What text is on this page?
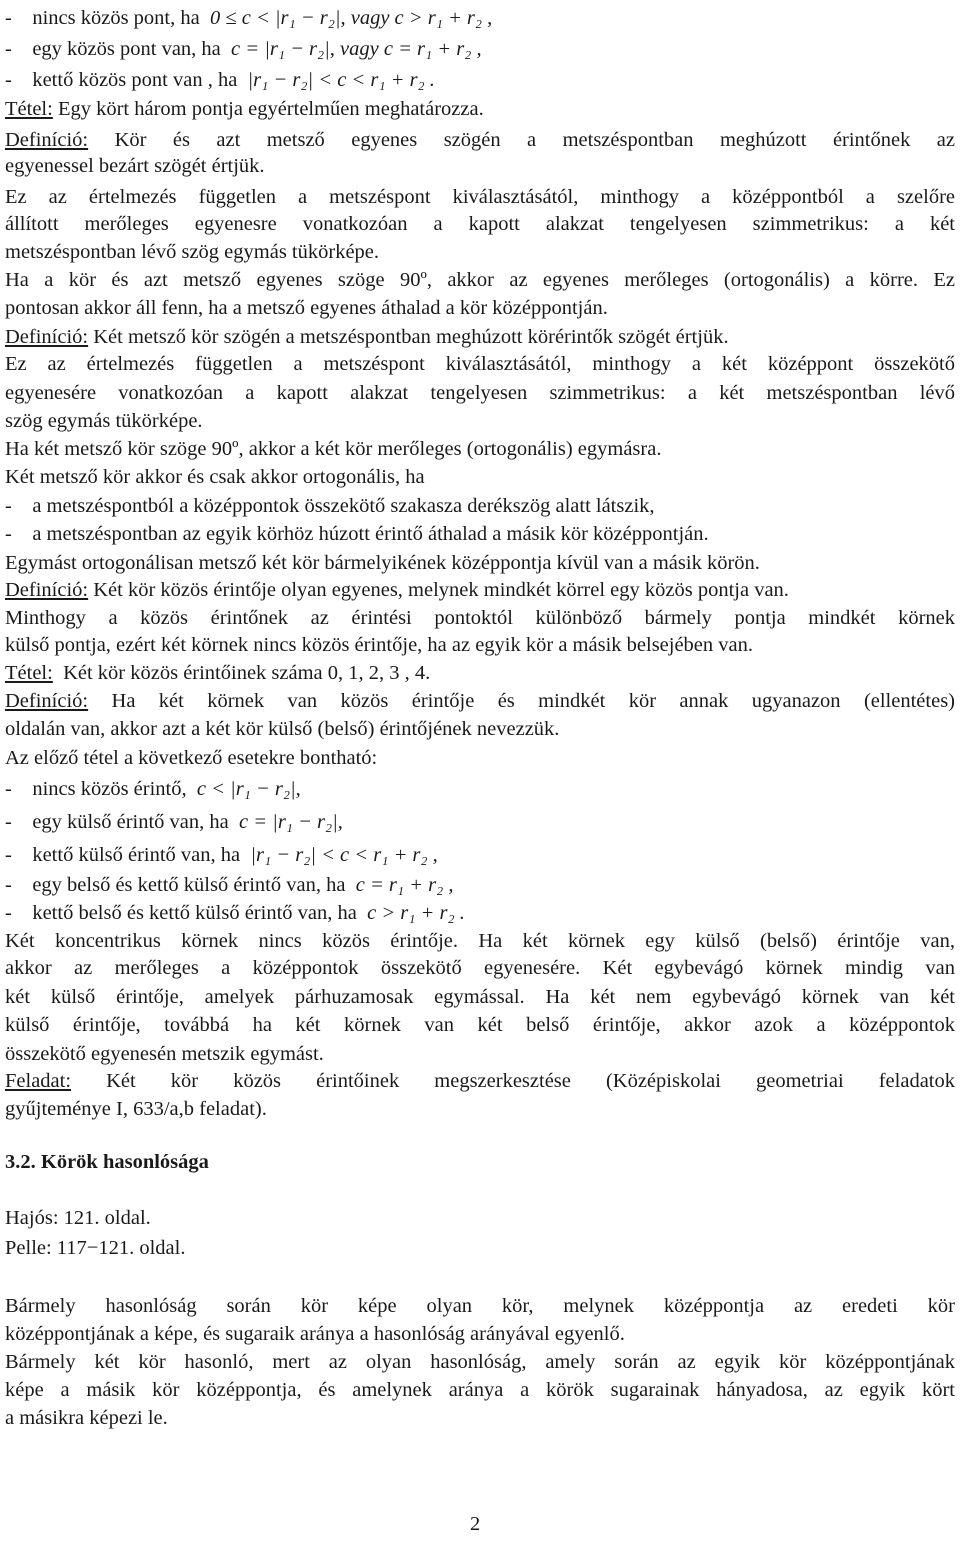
- nincs közös pont, ha 0 ≤ c < |r₁ − r₂|, vagy c > r₁ + r₂ ,
- egy közös pont van, ha c = |r₁ − r₂|, vagy c = r₁ + r₂ ,
- kettő közös pont van , ha |r₁ − r₂| < c < r₁ + r₂ .
Tétel: Egy kört három pontja egyértelműen meghatározza.
Definíció: Kör és azt metsző egyenes szögén a metszéspontban meghúzott érintőnek az
egyenessel bezárt szögét értjük.
Ez az értelmezés független a metszéspont kiválasztásától, minthogy a középpontból a szelőre
állított merőleges egyenesre vonatkozóan a kapott alakzat tengelyesen szimmetrikus: a két
metszéspontban lévő szög egymás tükörképe.
Ha a kör és azt metsző egyenes szöge 90º, akkor az egyenes merőleges (ortogonális) a körre. Ez
pontosan akkor áll fenn, ha a metsző egyenes áthalad a kör középpontján.
Definíció: Két metsző kör szögén a metszéspontban meghúzott körérintők szögét értjük.
Ez az értelmezés független a metszéspont kiválasztásától, minthogy a két középpont összekötő
egyenesére vonatkozóan a kapott alakzat tengelyesen szimmetrikus: a két metszéspontban lévő
szög egymás tükörképe.
Ha két metsző kör szöge 90º, akkor a két kör merőleges (ortogonális) egymásra.
Két metsző kör akkor és csak akkor ortogonális, ha
- a metszéspontból a középpontok összekötő szakasza derékszög alatt látszik,
- a metszéspontban az egyik körhöz húzott érintő áthalad a másik kör középpontján.
Egymást ortogonálisan metsző két kör bármelyikének középpontja kívül van a másik körön.
Definíció: Két kör közös érintője olyan egyenes, melynek mindkét körrel egy közös pontja van.
Minthogy a közös érintőnek az érintési pontoktól különböző bármely pontja mindkét körnek
külső pontja, ezért két körnek nincs közös érintője, ha az egyik kör a másik belsejében van.
Tétel: Két kör közös érintőinek száma 0, 1, 2, 3 , 4.
Definíció: Ha két körnek van közös érintője és mindkét kör annak ugyanazon (ellentétes)
oldalán van, akkor azt a két kör külső (belső) érintőjének nevezzük.
Az előző tétel a következő esetekre bontható:
- nincs közös érintő, c < |r₁ − r₂|,
- egy külső érintő van, ha c = |r₁ − r₂|,
- kettő külső érintő van, ha |r₁ − r₂| < c < r₁ + r₂ ,
- egy belső és kettő külső érintő van, ha c = r₁ + r₂ ,
- kettő belső és kettő külső érintő van, ha c > r₁ + r₂ .
Két koncentrikus körnek nincs közös érintője. Ha két körnek egy külső (belső) érintője van,
akkor az merőleges a középpontok összekötő egyenesére. Két egybevágó körnek mindig van
két külső érintője, amelyek párhuzamosak egymással. Ha két nem egybevágó körnek van két
külső érintője, továbbá ha két körnek van két belső érintője, akkor azok a középpontok
összekötő egyenesén metszik egymást.
Feladat: Két kör közös érintőinek megszerkesztése (Középiskolai geometriai feladatok
gyűjteménye I, 633/a,b feladat).
3.2. Körök hasonlósága
Hajós: 121. oldal.
Pelle: 117−121. oldal.
Bármely hasonlóság során kör képe olyan kör, melynek középpontja az eredeti kör
középpontjának a képe, és sugaraik aránya a hasonlóság arányával egyenlő.
Bármely két kör hasonló, mert az olyan hasonlóság, amely során az egyik kör középpontjának
képe a másik kör középpontja, és amelynek aránya a körök sugarainak hányadosa, az egyik kört
a másikra képezi le.
2
